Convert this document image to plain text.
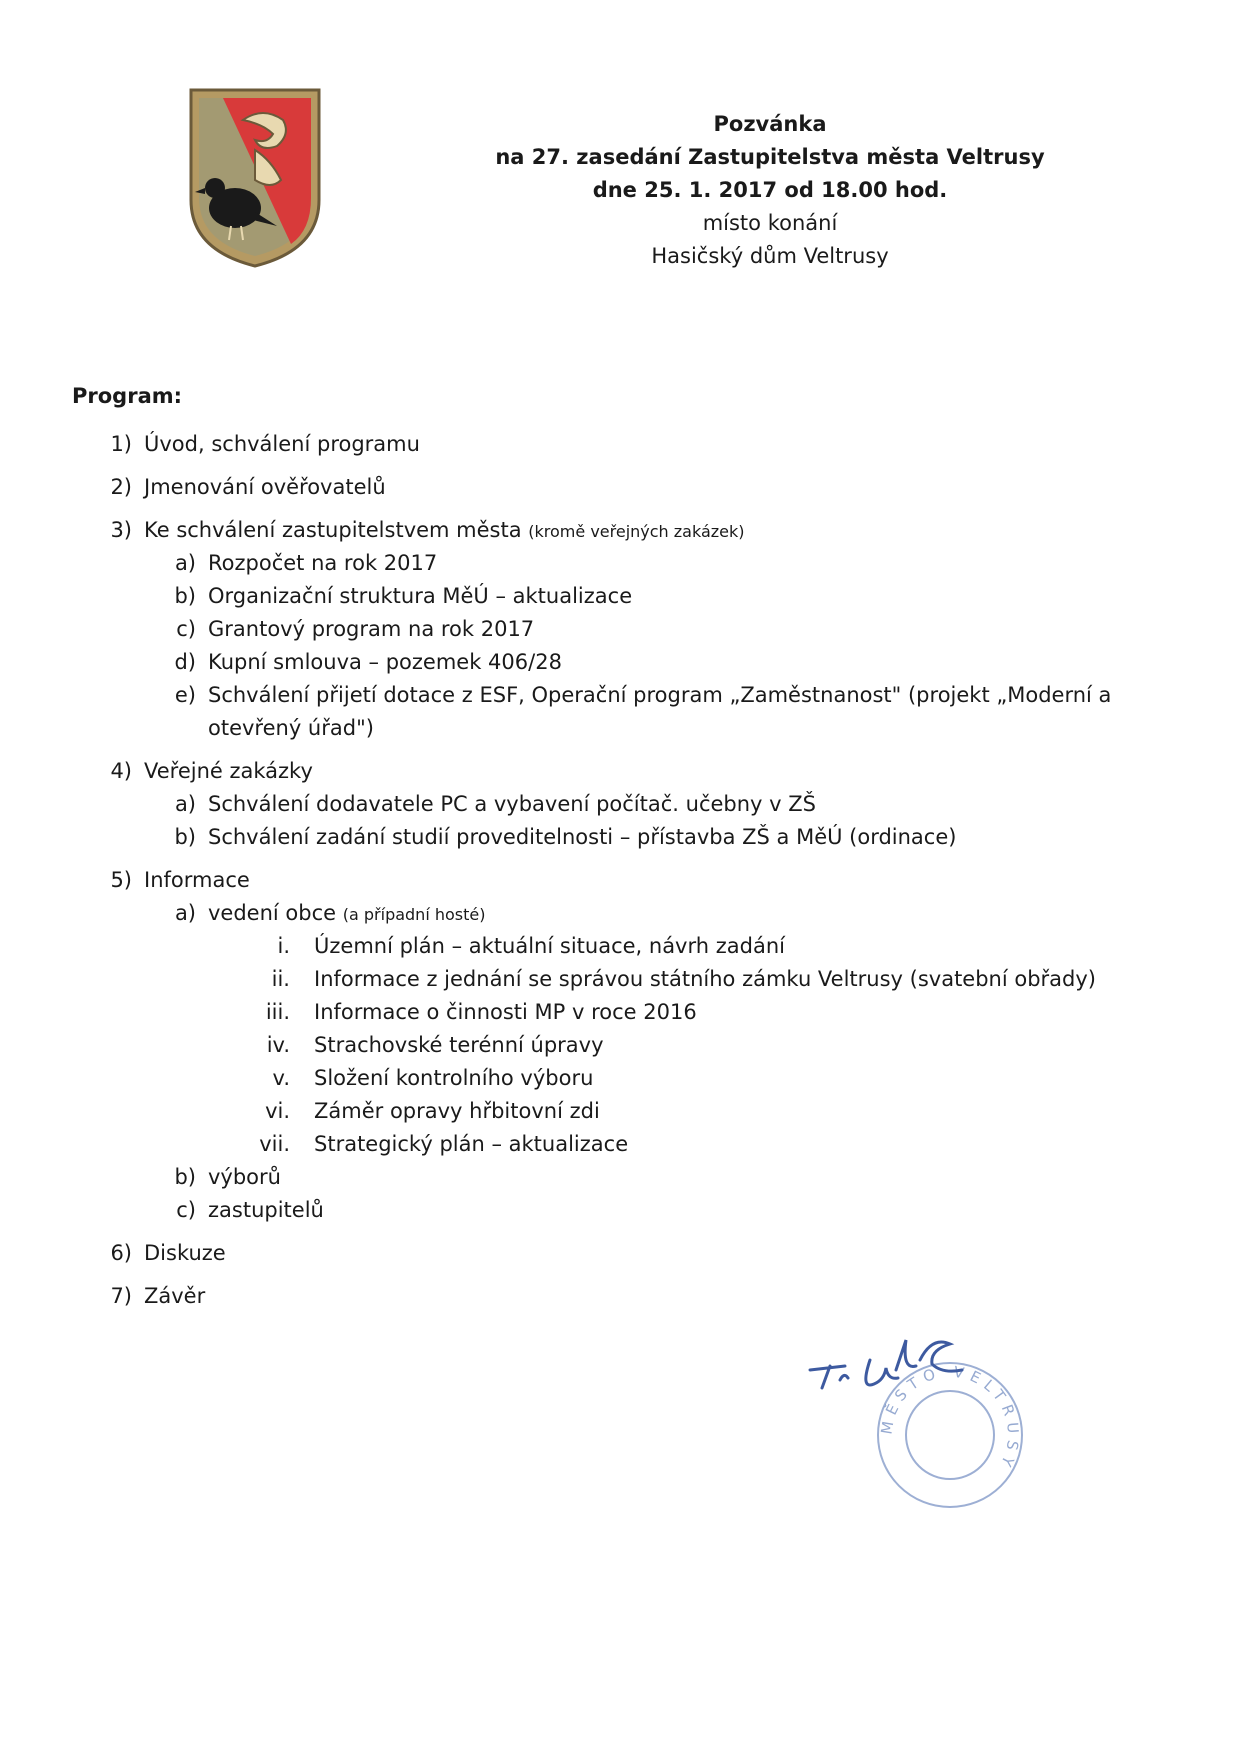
Pozvánka
na 27. zasedání Zastupitelstva města Veltrusy
dne 25. 1. 2017 od 18.00 hod.
místo konání
Hasičský dům Veltrusy
Program:
1) Úvod, schválení programu
2) Jmenování ověřovatelů
3) Ke schválení zastupitelstvem města (kromě veřejných zakázek)
a) Rozpočet na rok 2017
b) Organizační struktura MěÚ – aktualizace
c) Grantový program na rok 2017
d) Kupní smlouva – pozemek 406/28
e) Schválení přijetí dotace z ESF, Operační program „Zaměstnanost" (projekt „Moderní a
otevřený úřad")
4) Veřejné zakázky
a) Schválení dodavatele PC a vybavení počítač. učebny v ZŠ
b) Schválení zadání studií proveditelnosti – přístavba ZŠ a MěÚ (ordinace)
5) Informace
a) vedení obce (a případní hosté)
i. Územní plán – aktuální situace, návrh zadání
ii. Informace z jednání se správou státního zámku Veltrusy (svatební obřady)
iii. Informace o činnosti MP v roce 2016
iv. Strachovské terénní úpravy
v. Složení kontrolního výboru
vi. Záměr opravy hřbitovní zdi
vii. Strategický plán – aktualizace
b) výborů
c) zastupitelů
6) Diskuze
7) Závěr
MĚSTO VELTRUSY
